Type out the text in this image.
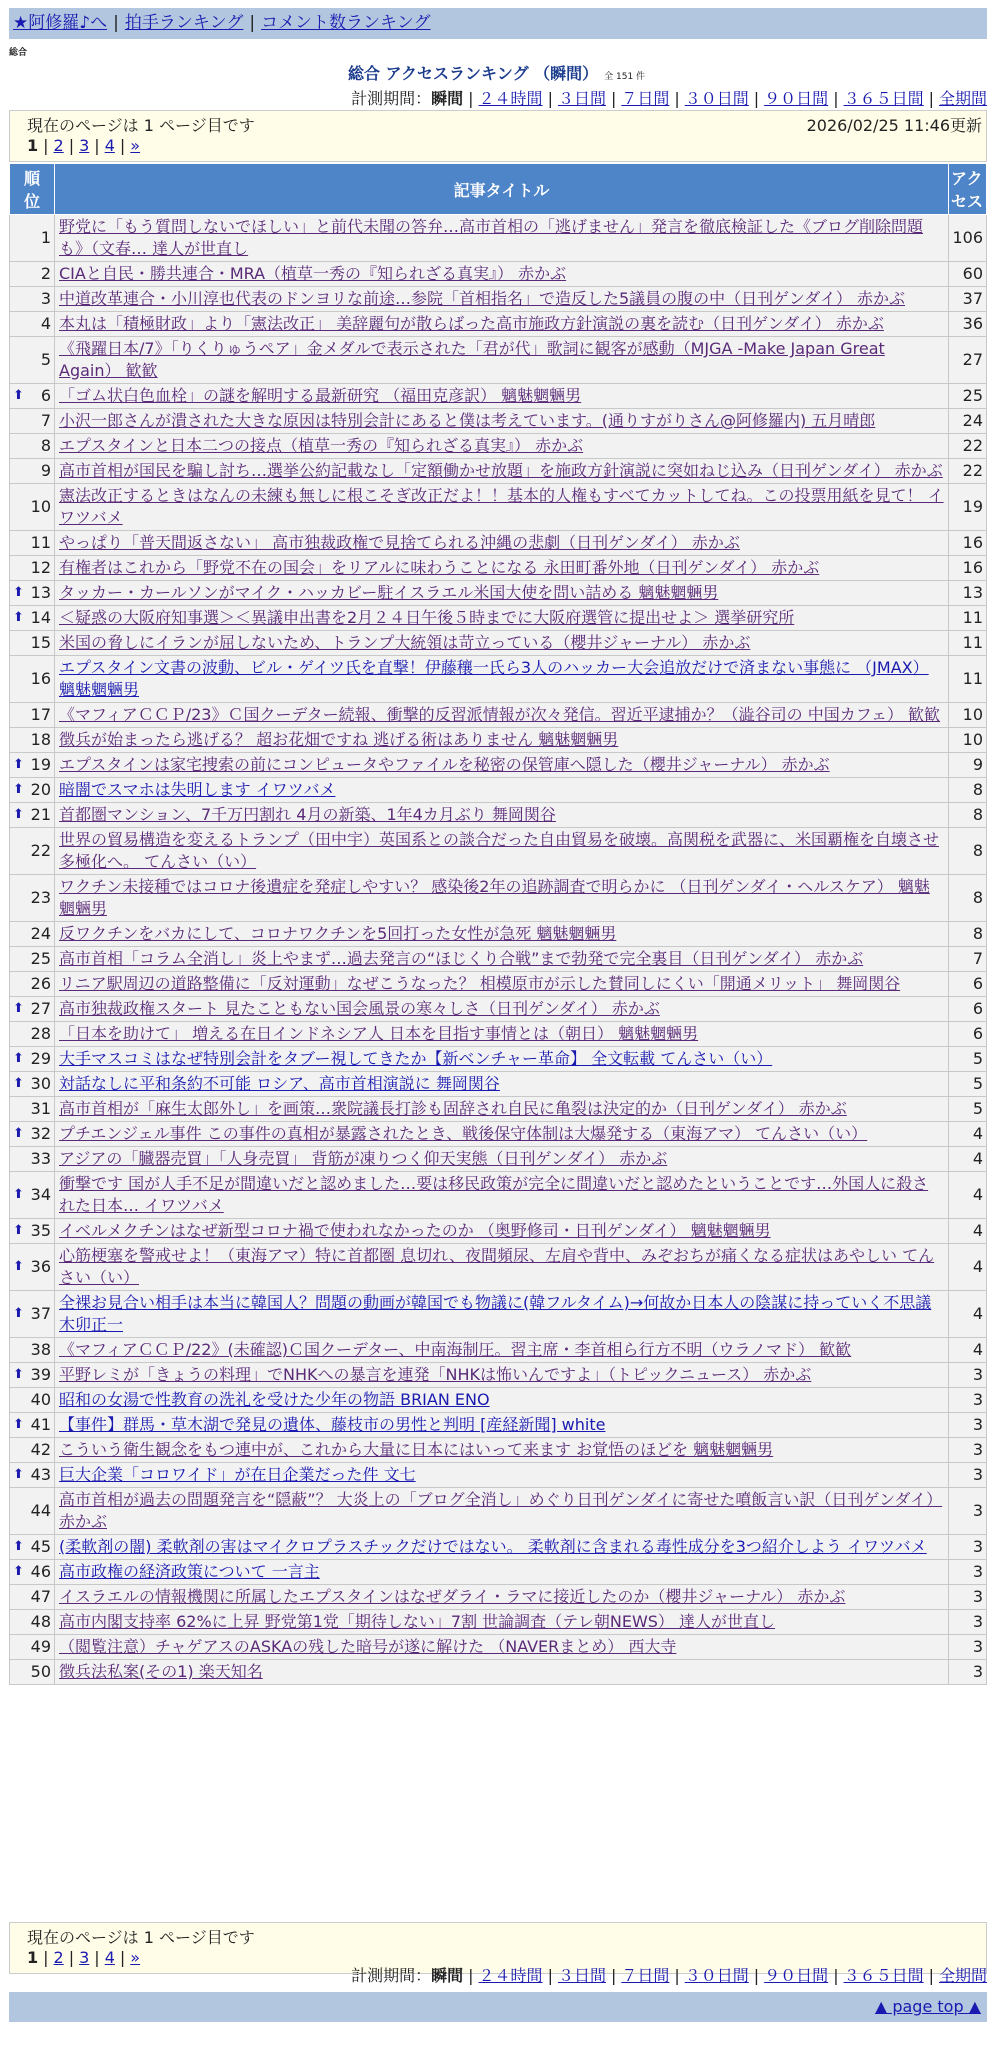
★阿修羅♪へ | 拍手ランキング | コメント数ランキング
総合
総合 アクセスランキング （瞬間） 全 151 件
計測期間：瞬間 | ２４時間 | ３日間 | ７日間 | ３０日間 | ９０日間 | ３６５日間 | 全期間
現在のページは 1 ページ目です	2026/02/25 11:46更新
1 | 2 | 3 | 4 | »
順位	記事タイトル	アクセス
1	野党に「もう質問しないでほしい」と前代未聞の答弁…高市首相の「逃げません」発言を徹底検証した《ブログ削除問題も》（文春… 達人が世直し	106
2	CIAと自民・勝共連合・MRA（植草一秀の『知られざる真実』） 赤かぶ	60
3	中道改革連合・小川淳也代表のドンヨリな前途…参院「首相指名」で造反した5議員の腹の中（日刊ゲンダイ） 赤かぶ	37
4	本丸は「積極財政」より「憲法改正」 美辞麗句が散らばった高市施政方針演説の裏を読む（日刊ゲンダイ） 赤かぶ	36
5	《飛躍日本/7》「りくりゅうペア」金メダルで表示された「君が代」歌詞に観客が感動（MJGA -Make Japan Great Again） 歓歓	27

⬆ 6	「ゴム状白色血栓」の謎を解明する最新研究 （福田克彦訳） 魑魅魍魎男	25
7	小沢一郎さんが潰された大きな原因は特別会計にあると僕は考えています。(通りすがりさん@阿修羅内) 五月晴郎	24
8	エプスタインと日本二つの接点（植草一秀の『知られざる真実』） 赤かぶ	22
9	高市首相が国民を騙し討ち…選挙公約記載なし「定額働かせ放題」を施政方針演説に突如ねじ込み（日刊ゲンダイ） 赤かぶ	22
10	憲法改正するときはなんの未練も無しに根こそぎ改正だよ！！基本的人権もすべてカットしてね。この投票用紙を見て！ イワツバメ	19
11	やっぱり「普天間返さない」 高市独裁政権で見捨てられる沖縄の悲劇（日刊ゲンダイ） 赤かぶ	16
12	有権者はこれから「野党不在の国会」をリアルに味わうことになる 永田町番外地（日刊ゲンダイ） 赤かぶ	16

⬆ 13	タッカー・カールソンがマイク・ハッカビー駐イスラエル米国大使を問い詰める 魑魅魍魎男	13

⬆ 14	＜疑惑の大阪府知事選＞＜異議申出書を2月２４日午後５時までに大阪府選管に提出せよ＞ 選挙研究所	11
15	米国の脅しにイランが屈しないため、トランプ大統領は苛立っている（櫻井ジャーナル） 赤かぶ	11
16	エプスタイン文書の波動、ビル・ゲイツ氏を直撃！伊藤穰一氏ら3人のハッカー大会追放だけで済まない事態に （JMAX） 魑魅魍魎男	11
17	《マフィアＣＣＰ/23》Ｃ国クーデター続報、衝撃的反習派情報が次々発信。習近平逮捕か？（澁谷司の 中国カフェ） 歓歓	10
18	徴兵が始まったら逃げる？ 超お花畑ですね 逃げる術はありません 魑魅魍魎男	10

⬆ 19	エプスタインは家宅捜索の前にコンピュータやファイルを秘密の保管庫へ隠した（櫻井ジャーナル） 赤かぶ	9

⬆ 20	暗闇でスマホは失明します イワツバメ	8

⬆ 21	首都圏マンション、7千万円割れ 4月の新築、1年4カ月ぶり 舞岡関谷	8
22	世界の貿易構造を変えるトランプ（田中宇）英国系との談合だった自由貿易を破壊。高関税を武器に、米国覇権を自壊させ多極化へ。 てんさい（い）	8
23	ワクチン未接種ではコロナ後遺症を発症しやすい？ 感染後2年の追跡調査で明らかに （日刊ゲンダイ・ヘルスケア） 魑魅魍魎男	8
24	反ワクチンをバカにして、コロナワクチンを5回打った女性が急死 魑魅魍魎男	8
25	高市首相「コラム全消し」炎上やまず…過去発言の“ほじくり合戦”まで勃発で完全裏目（日刊ゲンダイ） 赤かぶ	7
26	リニア駅周辺の道路整備に「反対運動」なぜこうなった？ 相模原市が示した賛同しにくい「開通メリット」 舞岡関谷	6

⬆ 27	高市独裁政権スタート 見たこともない国会風景の寒々しさ（日刊ゲンダイ） 赤かぶ	6
28	「日本を助けて」 増える在日インドネシア人 日本を目指す事情とは（朝日） 魑魅魍魎男	6

⬆ 29	大手マスコミはなぜ特別会計をタブー視してきたか【新ベンチャー革命】 全文転載 てんさい（い）	5

⬆ 30	対話なしに平和条約不可能 ロシア、高市首相演説に 舞岡関谷	5
31	高市首相が「麻生太郎外し」を画策…衆院議長打診も固辞され自民に亀裂は決定的か（日刊ゲンダイ） 赤かぶ	5

⬆ 32	プチエンジェル事件 この事件の真相が暴露されたとき、戦後保守体制は大爆発する（東海アマ） てんさい（い）	4
33	アジアの「臓器売買」「人身売買」 背筋が凍りつく仰天実態（日刊ゲンダイ） 赤かぶ	4

⬆ 34	衝撃です 国が人手不足が間違いだと認めました…要は移民政策が完全に間違いだと認めたということです…外国人に殺された日本… イワツバメ	4

⬆ 35	イベルメクチンはなぜ新型コロナ禍で使われなかったのか （奥野修司・日刊ゲンダイ） 魑魅魍魎男	4

⬆ 36	心筋梗塞を警戒せよ！（東海アマ）特に首都圏 息切れ、夜間頻尿、左肩や背中、みぞおちが痛くなる症状はあやしい てんさい（い）	4

⬆ 37	全裸お見合い相手は本当に韓国人？問題の動画が韓国でも物議に(韓フルタイム)→何故か日本人の陰謀に持っていく不思議 木卯正一	4
38	《マフィアＣＣＰ/22》(未確認)Ｃ国クーデター、中南海制圧。習主席・李首相ら行方不明（ウラノマド） 歓歓	4

⬆ 39	平野レミが「きょうの料理」でNHKへの暴言を連発「NHKは怖いんですよ」（トピックニュース） 赤かぶ	3
40	昭和の女湯で性教育の洗礼を受けた少年の物語 BRIAN ENO	3

⬆ 41	【事件】群馬・草木湖で発見の遺体、藤枝市の男性と判明 [産経新聞] white	3
42	こういう衛生観念をもつ連中が、これから大量に日本にはいって来ます お覚悟のほどを 魑魅魍魎男	3

⬆ 43	巨大企業「コロワイド」が在日企業だった件 文七	3
44	高市首相が過去の問題発言を“隠蔽”？ 大炎上の「ブログ全消し」めぐり日刊ゲンダイに寄せた噴飯言い訳（日刊ゲンダイ） 赤かぶ	3

⬆ 45	(柔軟剤の闇) 柔軟剤の害はマイクロプラスチックだけではない。 柔軟剤に含まれる毒性成分を3つ紹介しよう イワツバメ	3

⬆ 46	高市政権の経済政策について 一言主	3
47	イスラエルの情報機関に所属したエプスタインはなぜダライ・ラマに接近したのか（櫻井ジャーナル） 赤かぶ	3
48	高市内閣支持率 62%に上昇 野党第1党「期待しない」7割 世論調査（テレ朝NEWS） 達人が世直し	3
49	（閲覧注意）チャゲアスのASKAの残した暗号が遂に解けた （NAVERまとめ） 西大寺	3
50	徴兵法私案(その1) 楽天知名	3
現在のページは 1 ページ目です
1 | 2 | 3 | 4 | »
計測期間：瞬間 | ２４時間 | ３日間 | ７日間 | ３０日間 | ９０日間 | ３６５日間 | 全期間
▲ page top ▲
